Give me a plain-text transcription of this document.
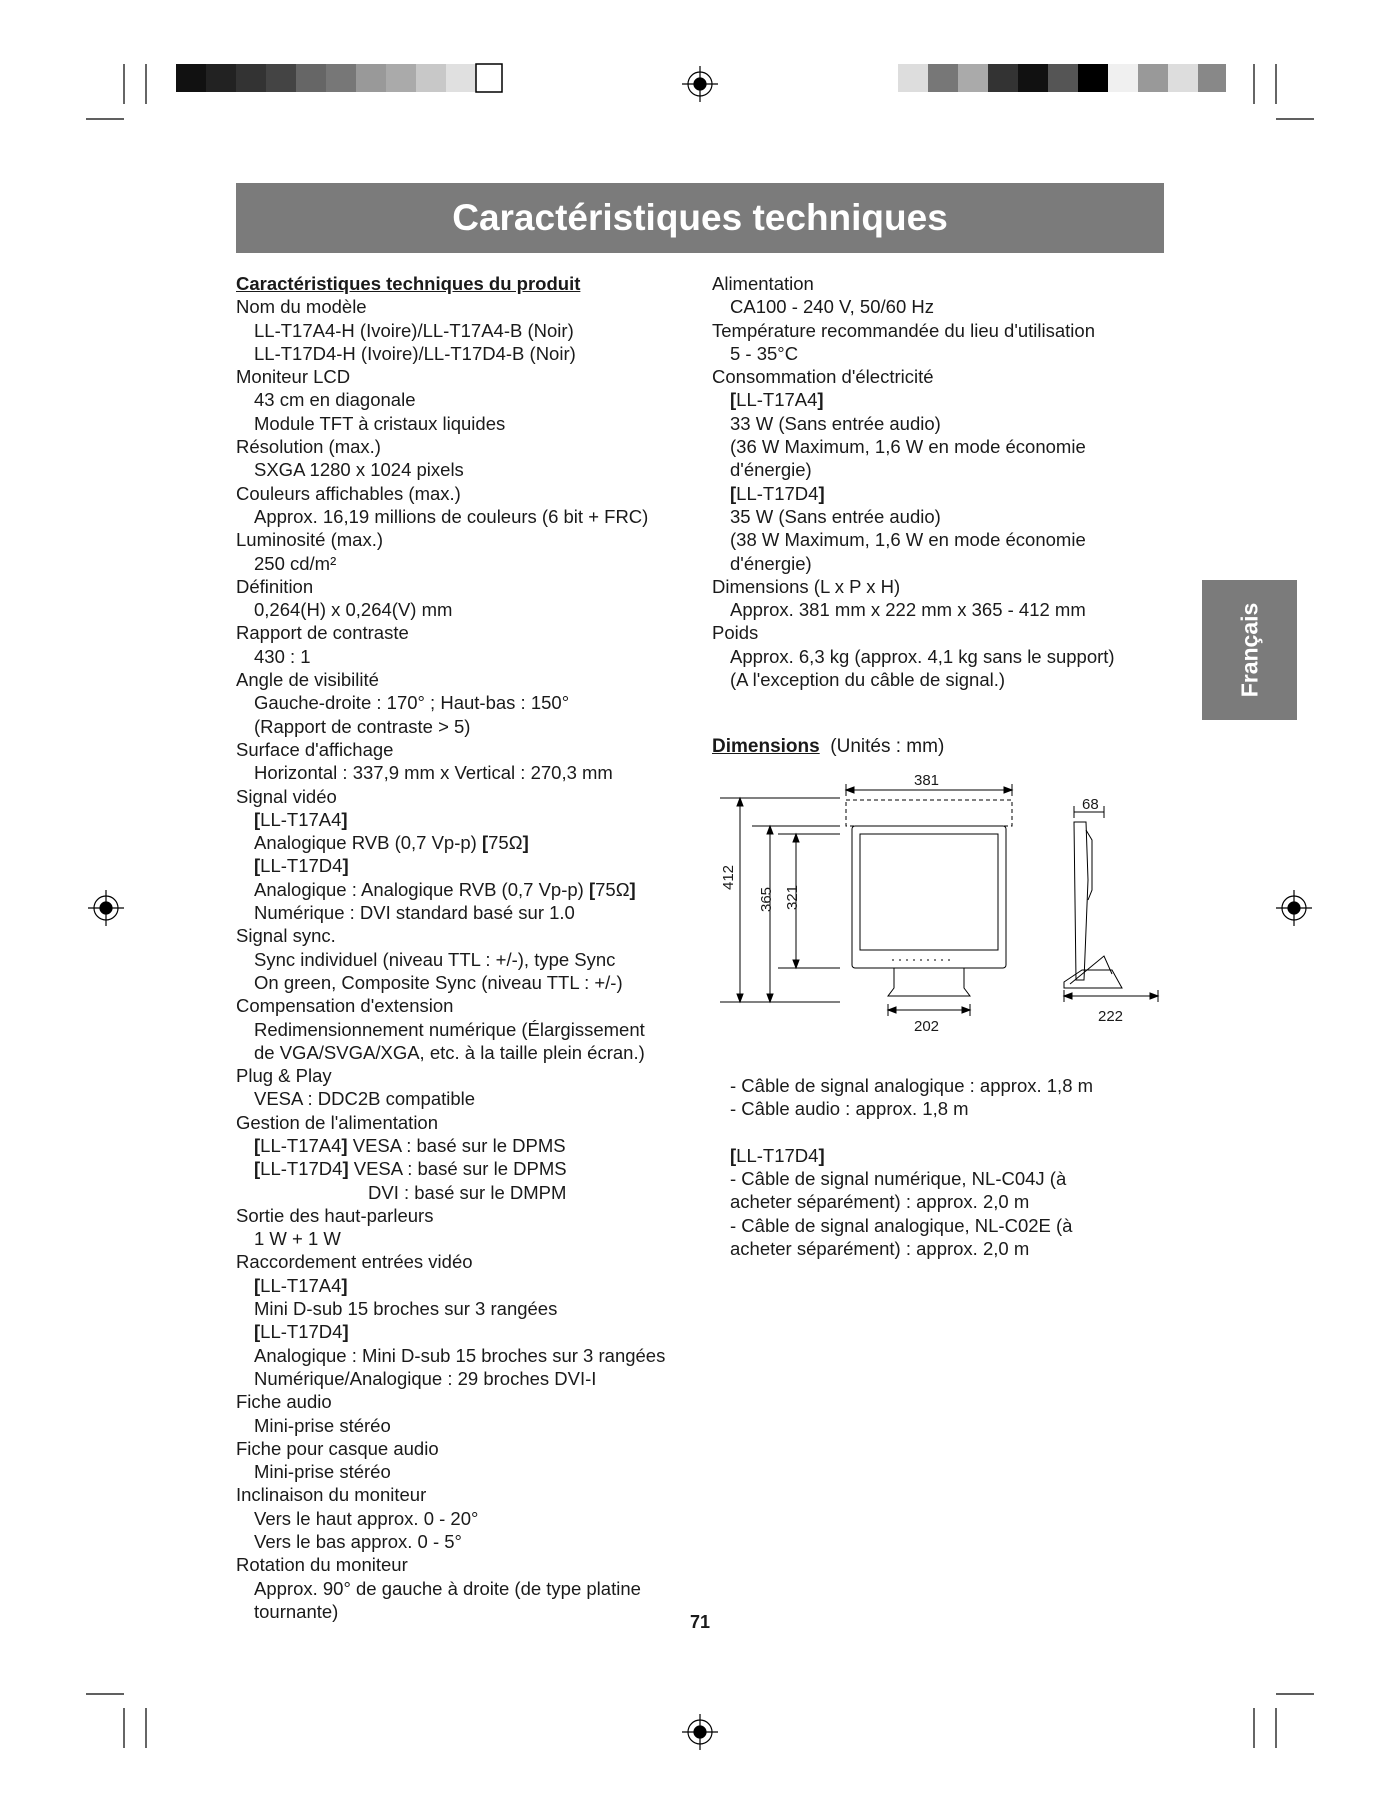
Caractéristiques techniques
Caractéristiques techniques du produit
Nom du modèle
LL-T17A4-H (Ivoire)/LL-T17A4-B (Noir)
LL-T17D4-H (Ivoire)/LL-T17D4-B (Noir)
Moniteur LCD
43 cm en diagonale
Module TFT à cristaux liquides
Résolution (max.)
SXGA 1280 x 1024 pixels
Couleurs affichables (max.)
Approx. 16,19 millions de couleurs (6 bit + FRC)
Luminosité (max.)
250 cd/m²
Définition
0,264(H) x 0,264(V) mm
Rapport de contraste
430 : 1
Angle de visibilité
Gauche-droite : 170° ; Haut-bas : 150°
(Rapport de contraste > 5)
Surface d'affichage
Horizontal : 337,9 mm x Vertical : 270,3 mm
Signal vidéo
[LL-T17A4]
Analogique RVB (0,7 Vp-p) [75Ω]
[LL-T17D4]
Analogique : Analogique RVB (0,7 Vp-p) [75Ω]
Numérique : DVI standard basé sur 1.0
Signal sync.
Sync individuel (niveau TTL : +/-), type Sync
On green, Composite Sync (niveau TTL : +/-)
Compensation d'extension
Redimensionnement numérique (Élargissement
de VGA/SVGA/XGA, etc. à la taille plein écran.)
Plug & Play
VESA : DDC2B compatible
Gestion de l'alimentation
[LL-T17A4] VESA : basé sur le DPMS
[LL-T17D4] VESA : basé sur le DPMS
DVI : basé sur le DMPM
Sortie des haut-parleurs
1 W + 1 W
Raccordement entrées vidéo
[LL-T17A4]
Mini D-sub 15 broches sur 3 rangées
[LL-T17D4]
Analogique : Mini D-sub 15 broches sur 3 rangées
Numérique/Analogique : 29 broches DVI-I
Fiche audio
Mini-prise stéréo
Fiche pour casque audio
Mini-prise stéréo
Inclinaison du moniteur
Vers le haut approx. 0 - 20°
Vers le bas approx. 0 - 5°
Rotation du moniteur
Approx. 90° de gauche à droite (de type platine
tournante)
Alimentation
CA100 - 240 V, 50/60 Hz
Température recommandée du lieu d'utilisation
5 - 35°C
Consommation d'électricité
[LL-T17A4]
33 W (Sans entrée audio)
(36 W Maximum, 1,6 W en mode économie
d'énergie)
[LL-T17D4]
35 W (Sans entrée audio)
(38 W Maximum, 1,6 W en mode économie
d'énergie)
Dimensions (L x P x H)
Approx. 381 mm x 222 mm x 365 - 412 mm
Poids
Approx. 6,3 kg (approx. 4,1 kg sans le support)
(A l'exception du câble de signal.)
Dimensions (Unités : mm)
381
68
412
365 321
202
222
- Câble de signal analogique : approx. 1,8 m
- Câble audio : approx. 1,8 m
[LL-T17D4]
- Câble de signal numérique, NL-C04J (à
acheter séparément) : approx. 2,0 m
- Câble de signal analogique, NL-C02E (à
acheter séparément) : approx. 2,0 m
Français
71
